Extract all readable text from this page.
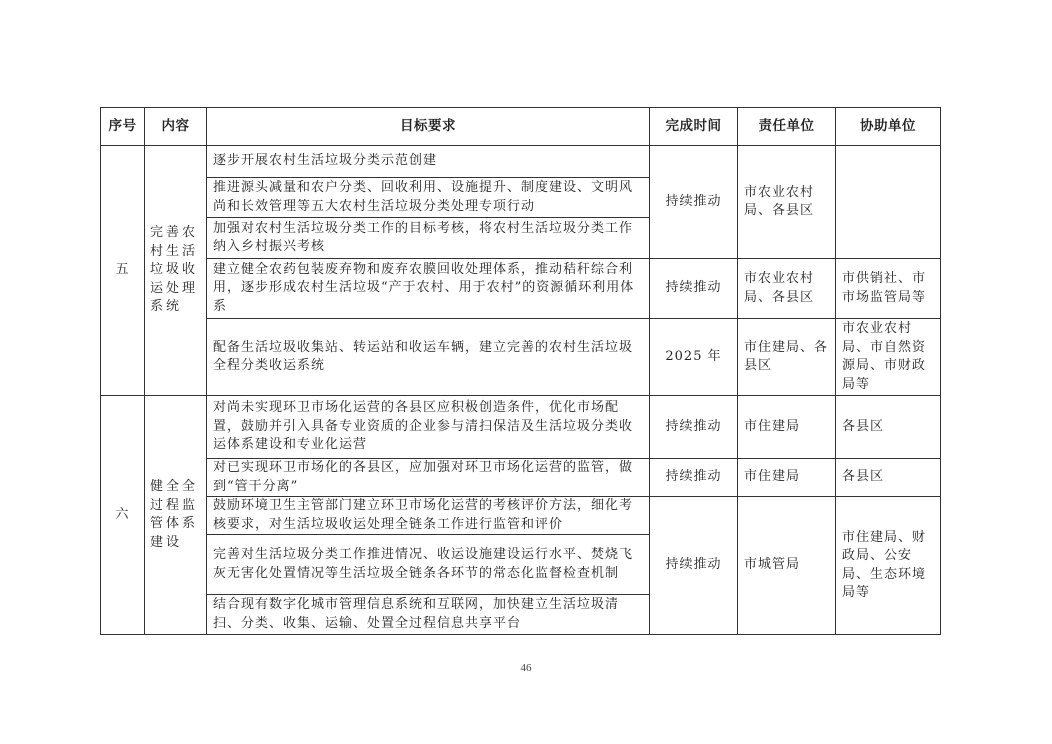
序号	内容	目标要求	完成时间	责任单位	协助单位
五	完善农村生活垃圾收运处理系统	逐步开展农村生活垃圾分类示范创建	持续推动	市农业农村局、各县区	
		推进源头减量和农户分类、回收利用、设施提升、制度建设、文明风尚和长效管理等五大农村生活垃圾分类处理专项行动			
		加强对农村生活垃圾分类工作的目标考核，将农村生活垃圾分类工作纳入乡村振兴考核			
		建立健全农药包装废弃物和废弃农膜回收处理体系，推动秸秆综合利用，逐步形成农村生活垃圾“产于农村、用于农村”的资源循环利用体系	持续推动	市农业农村局、各县区	市供销社、市市场监管局等
		配备生活垃圾收集站、转运站和收运车辆，建立完善的农村生活垃圾全程分类收运系统	2025 年	市住建局、各县区	市农业农村局、市自然资源局、市财政局等
六	健全全过程监管体系建设	对尚未实现环卫市场化运营的各县区应积极创造条件，优化市场配置，鼓励并引入具备专业资质的企业参与清扫保洁及生活垃圾分类收运体系建设和专业化运营	持续推动	市住建局	各县区
		对已实现环卫市场化的各县区，应加强对环卫市场化运营的监管，做到“管干分离”	持续推动	市住建局	各县区
		鼓励环境卫生主管部门建立环卫市场化运营的考核评价方法，细化考核要求，对生活垃圾收运处理全链条工作进行监管和评价	持续推动	市城管局	市住建局、财政局、公安局、生态环境局等
		完善对生活垃圾分类工作推进情况、收运设施建设运行水平、焚烧飞灰无害化处置情况等生活垃圾全链条各环节的常态化监督检查机制			
		结合现有数字化城市管理信息系统和互联网，加快建立生活垃圾清扫、分类、收集、运输、处置全过程信息共享平台			
46
